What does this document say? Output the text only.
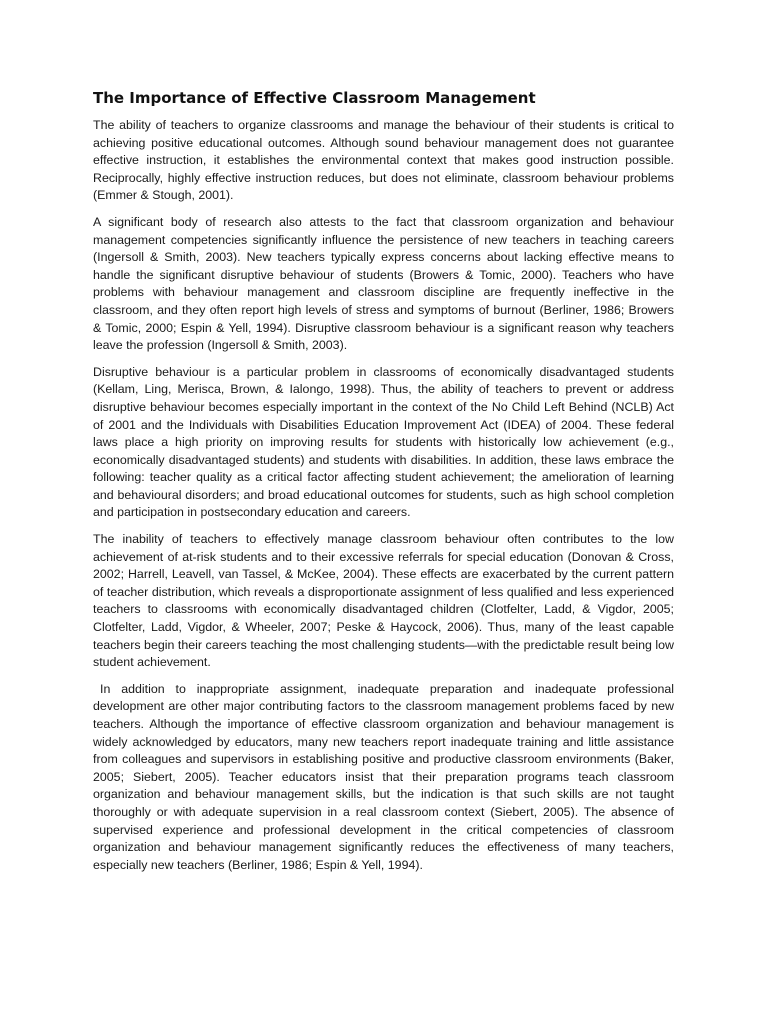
The Importance of Effective Classroom Management

The ability of teachers to organize classrooms and manage the behaviour of their students is critical to achieving positive educational outcomes. Although sound behaviour management does not guarantee effective instruction, it establishes the environmental context that makes good instruction possible. Reciprocally, highly effective instruction reduces, but does not eliminate, classroom behaviour problems (Emmer & Stough, 2001).

A significant body of research also attests to the fact that classroom organization and behaviour management competencies significantly influence the persistence of new teachers in teaching careers (Ingersoll & Smith, 2003). New teachers typically express concerns about lacking effective means to handle the significant disruptive behaviour of students (Browers & Tomic, 2000). Teachers who have problems with behaviour management and classroom discipline are frequently ineffective in the classroom, and they often report high levels of stress and symptoms of burnout (Berliner, 1986; Browers & Tomic, 2000; Espin & Yell, 1994). Disruptive classroom behaviour is a significant reason why teachers leave the profession (Ingersoll & Smith, 2003).

Disruptive behaviour is a particular problem in classrooms of economically disadvantaged students (Kellam, Ling, Merisca, Brown, & Ialongo, 1998). Thus, the ability of teachers to prevent or address disruptive behaviour becomes especially important in the context of the No Child Left Behind (NCLB) Act of 2001 and the Individuals with Disabilities Education Improvement Act (IDEA) of 2004. These federal laws place a high priority on improving results for students with historically low achievement (e.g., economically disadvantaged students) and students with disabilities. In addition, these laws embrace the following: teacher quality as a critical factor affecting student achievement; the amelioration of learning and behavioural disorders; and broad educational outcomes for students, such as high school completion and participation in postsecondary education and careers.

The inability of teachers to effectively manage classroom behaviour often contributes to the low achievement of at-risk students and to their excessive referrals for special education (Donovan & Cross, 2002; Harrell, Leavell, van Tassel, & McKee, 2004). These effects are exacerbated by the current pattern of teacher distribution, which reveals a disproportionate assignment of less qualified and less experienced teachers to classrooms with economically disadvantaged children (Clotfelter, Ladd, & Vigdor, 2005; Clotfelter, Ladd, Vigdor, & Wheeler, 2007; Peske & Haycock, 2006). Thus, many of the least capable teachers begin their careers teaching the most challenging students—with the predictable result being low student achievement.

In addition to inappropriate assignment, inadequate preparation and inadequate professional development are other major contributing factors to the classroom management problems faced by new teachers. Although the importance of effective classroom organization and behaviour management is widely acknowledged by educators, many new teachers report inadequate training and little assistance from colleagues and supervisors in establishing positive and productive classroom environments (Baker, 2005; Siebert, 2005). Teacher educators insist that their preparation programs teach classroom organization and behaviour management skills, but the indication is that such skills are not taught thoroughly or with adequate supervision in a real classroom context (Siebert, 2005). The absence of supervised experience and professional development in the critical competencies of classroom organization and behaviour management significantly reduces the effectiveness of many teachers, especially new teachers (Berliner, 1986; Espin & Yell, 1994).
